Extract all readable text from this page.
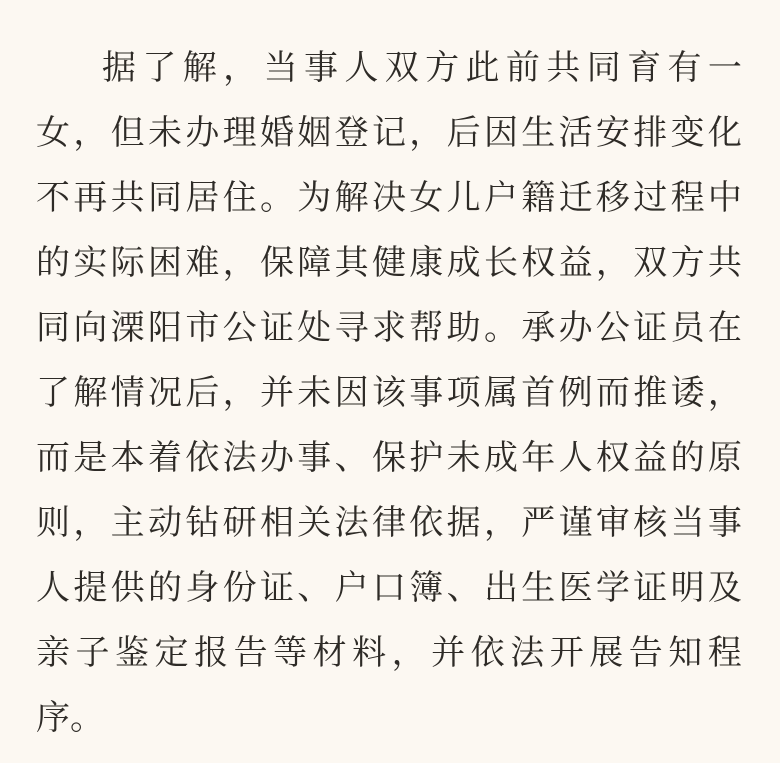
据 了 解 ， 当 事 人 双 方 此 前 共 同 育 有 一
女 ， 但 未 办 理 婚 姻 登 记 ， 后 因 生 活 安 排 变 化
不 再 共 同 居 住 。 为 解 决 女 儿 户 籍 迁 移 过 程 中
的 实 际 困 难 ， 保 障 其 健 康 成 长 权 益 ， 双 方 共
同 向 溧 阳 市 公 证 处 寻 求 帮 助 。 承 办 公 证 员 在
了 解 情 况 后 ， 并 未 因 该 事 项 属 首 例 而 推 诿 ，
而 是 本 着 依 法 办 事 、 保 护 未 成 年 人 权 益 的 原
则 ， 主 动 钻 研 相 关 法 律 依 据 ， 严 谨 审 核 当 事
人 提 供 的 身 份 证 、 户 口 簿 、 出 生 医 学 证 明 及
亲 子 鉴 定 报 告 等 材 料 ， 并 依 法 开 展 告 知 程
序 。
